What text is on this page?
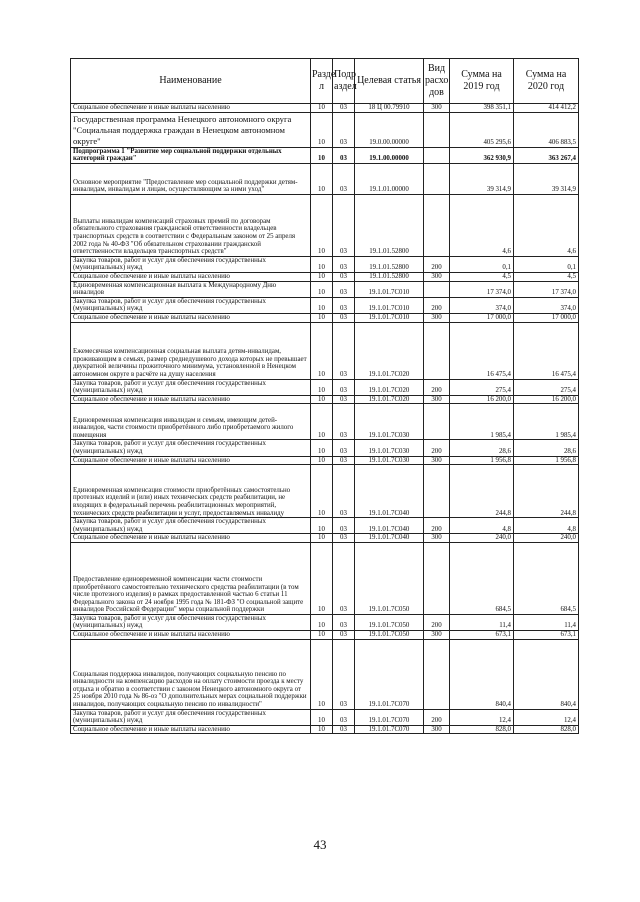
Наименование	Разде л	Подр аздел	Целевая статья	Вид расхо дов	Сумма на 2019 год	Сумма на 2020 год
Социальное обеспечение и иные выплаты населению	10	03	18 Ц 00.79910	300	398 351,1	414 412,2
Государственная программа Ненецкого автономного округа "Социальная поддержка граждан в Ненецком автономном округе"	10	03	19.0.00.00000		405 295,6	406 883,5
Подпрограмма 1 "Развитие мер социальной поддержки отдельных категорий граждан"	10	03	19.1.00.00000		362 930,9	363 267,4
Основное мероприятие "Предоставление мер социальной поддержки детям-инвалидам, инвалидам и лицам, осуществляющим за ними уход"	10	03	19.1.01.00000		39 314,9	39 314,9
Выплаты инвалидам компенсаций страховых премий по договорам обязательного страхования гражданской ответственности владельцев транспортных средств в соответствии с Федеральным законом от 25 апреля 2002 года № 40-ФЗ "Об обязательном страховании гражданской ответственности владельцев транспортных средств"	10	03	19.1.01.52800		4,6	4,6
Закупка товаров, работ и услуг для обеспечения государственных (муниципальных) нужд	10	03	19.1.01.52800	200	0,1	0,1
Социальное обеспечение и иные выплаты населению	10	03	19.1.01.52800	300	4,5	4,5
Единовременная компенсационная выплата к Международному Дню инвалидов	10	03	19.1.01.7С010		17 374,0	17 374,0
Закупка товаров, работ и услуг для обеспечения государственных (муниципальных) нужд	10	03	19.1.01.7С010	200	374,0	374,0
Социальное обеспечение и иные выплаты населению	10	03	19.1.01.7С010	300	17 000,0	17 000,0
Ежемесячная компенсационная социальная выплата детям-инвалидам, проживающим в семьях, размер среднедушевого дохода которых не превышает двукратной величины прожиточного минимума, установленной в Ненецком автономном округе в расчёте на душу населения	10	03	19.1.01.7С020		16 475,4	16 475,4
Закупка товаров, работ и услуг для обеспечения государственных (муниципальных) нужд	10	03	19.1.01.7С020	200	275,4	275,4
Социальное обеспечение и иные выплаты населению	10	03	19.1.01.7С020	300	16 200,0	16 200,0
Единовременная компенсация инвалидам и семьям, имеющим детей-инвалидов, части стоимости приобретённого либо приобретаемого жилого помещения	10	03	19.1.01.7С030		1 985,4	1 985,4
Закупка товаров, работ и услуг для обеспечения государственных (муниципальных) нужд	10	03	19.1.01.7С030	200	28,6	28,6
Социальное обеспечение и иные выплаты населению	10	03	19.1.01.7С030	300	1 956,8	1 956,8
Единовременная компенсация стоимости приобретённых самостоятельно протезных изделий и (или) иных технических средств реабилитации, не входящих в федеральный перечень реабилитационных мероприятий, технических средств реабилитации и услуг, предоставляемых инвалиду	10	03	19.1.01.7С040		244,8	244,8
Закупка товаров, работ и услуг для обеспечения государственных (муниципальных) нужд	10	03	19.1.01.7С040	200	4,8	4,8
Социальное обеспечение и иные выплаты населению	10	03	19.1.01.7С040	300	240,0	240,0
Предоставление единовременной компенсации части стоимости приобретённого самостоятельно технического средства реабилитации (в том числе протезного изделия) в рамках предоставленной частью 6 статьи 11 Федерального закона от 24 ноября 1995 года № 181-ФЗ "О социальной защите инвалидов Российской Федерации" меры социальной поддержки	10	03	19.1.01.7С050		684,5	684,5
Закупка товаров, работ и услуг для обеспечения государственных (муниципальных) нужд	10	03	19.1.01.7С050	200	11,4	11,4
Социальное обеспечение и иные выплаты населению	10	03	19.1.01.7С050	300	673,1	673,1
Социальная поддержка инвалидов, получающих социальную пенсию по инвалидности на компенсацию расходов на оплату стоимости проезда к месту отдыха и обратно в соответствии с законом Ненецкого автономного округа от 25 ноября 2010 года № 86-оз "О дополнительных мерах социальной поддержки инвалидов, получающих социальную пенсию по инвалидности"	10	03	19.1.01.7С070		840,4	840,4
Закупка товаров, работ и услуг для обеспечения государственных (муниципальных) нужд	10	03	19.1.01.7С070	200	12,4	12,4
Социальное обеспечение и иные выплаты населению	10	03	19.1.01.7С070	300	828,0	828,0
43
